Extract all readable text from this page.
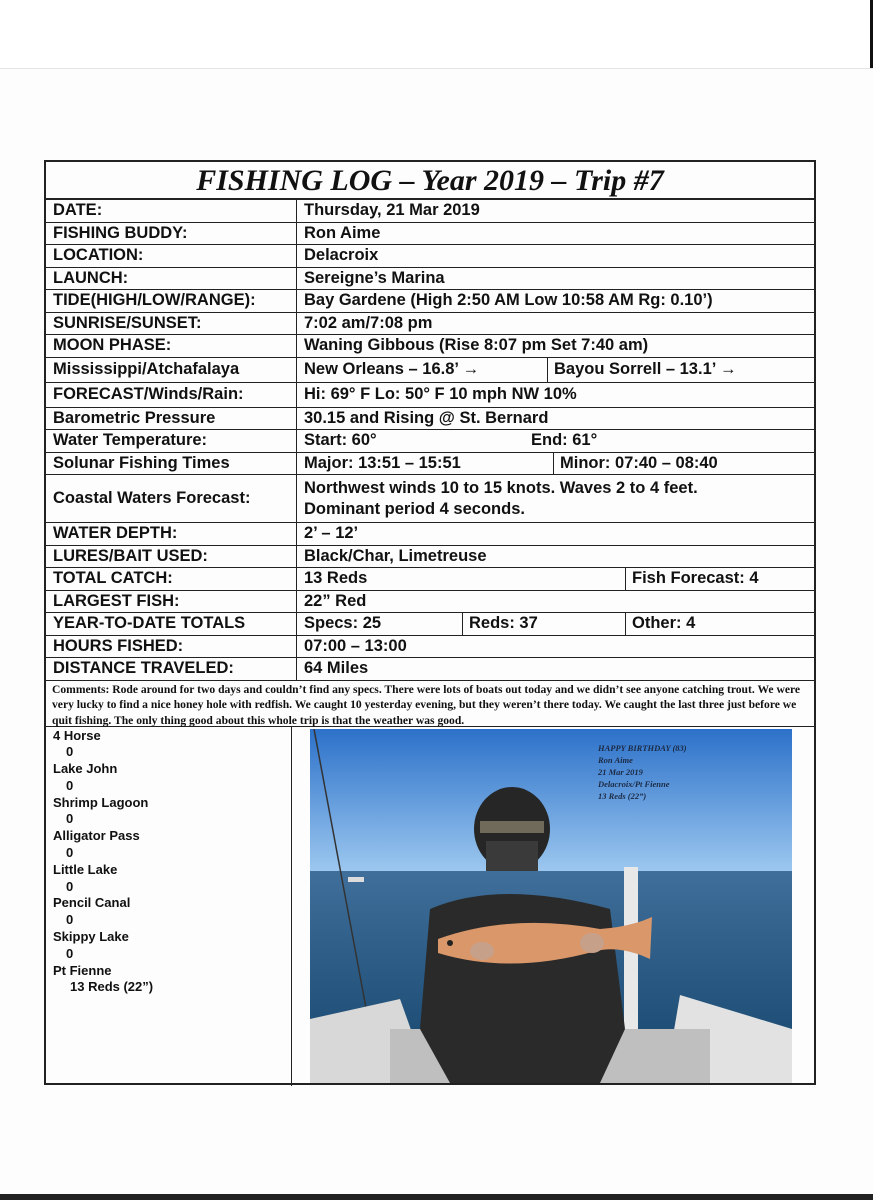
FISHING LOG – Year 2019 – Trip #7
DATE:	Thursday, 21 Mar 2019
FISHING BUDDY:	Ron Aime
LOCATION:	Delacroix
LAUNCH:	Sereigne’s Marina
TIDE(HIGH/LOW/RANGE):	Bay Gardene (High 2:50 AM Low 10:58 AM Rg: 0.10’)
SUNRISE/SUNSET:	7:02 am/7:08 pm
MOON PHASE:	Waning Gibbous (Rise 8:07 pm Set 7:40 am)
Mississippi/Atchafalaya	New Orleans – 16.8’ →	Bayou Sorrell – 13.1’ →
FORECAST/Winds/Rain:	Hi: 69° F Lo: 50° F 10 mph NW 10%
Barometric Pressure	30.15 and Rising @ St. Bernard
Water Temperature:	Start: 60°	End: 61°
Solunar Fishing Times	Major: 13:51 – 15:51	Minor: 07:40 – 08:40
Coastal Waters Forecast:
Northwest winds 10 to 15 knots. Waves 2 to 4 feet.
Dominant period 4 seconds.
WATER DEPTH:	2’ – 12’
LURES/BAIT USED:	Black/Char, Limetreuse
TOTAL CATCH:	13 Reds	Fish Forecast: 4
LARGEST FISH:	22” Red
YEAR-TO-DATE TOTALS	Specs: 25	Reds: 37	Other: 4
HOURS FISHED:	07:00 – 13:00
DISTANCE TRAVELED:	64 Miles
Comments: Rode around for two days and couldn’t find any specs. There were lots of boats out today and we didn’t see anyone catching trout. We were very lucky to find a nice honey hole with redfish. We caught 10 yesterday evening, but they weren’t there today. We caught the last three just before we quit fishing. The only thing good about this whole trip is that the weather was good.
4 Horse
0
Lake John
0
Shrimp Lagoon
0
Alligator Pass
0
Little Lake
0
Pencil Canal
0
Skippy Lake
0
Pt Fienne
13 Reds (22”)
HAPPY BIRTHDAY (83)
Ron Aime
21 Mar 2019
Delacroix/Pt Fienne
13 Reds (22”)
